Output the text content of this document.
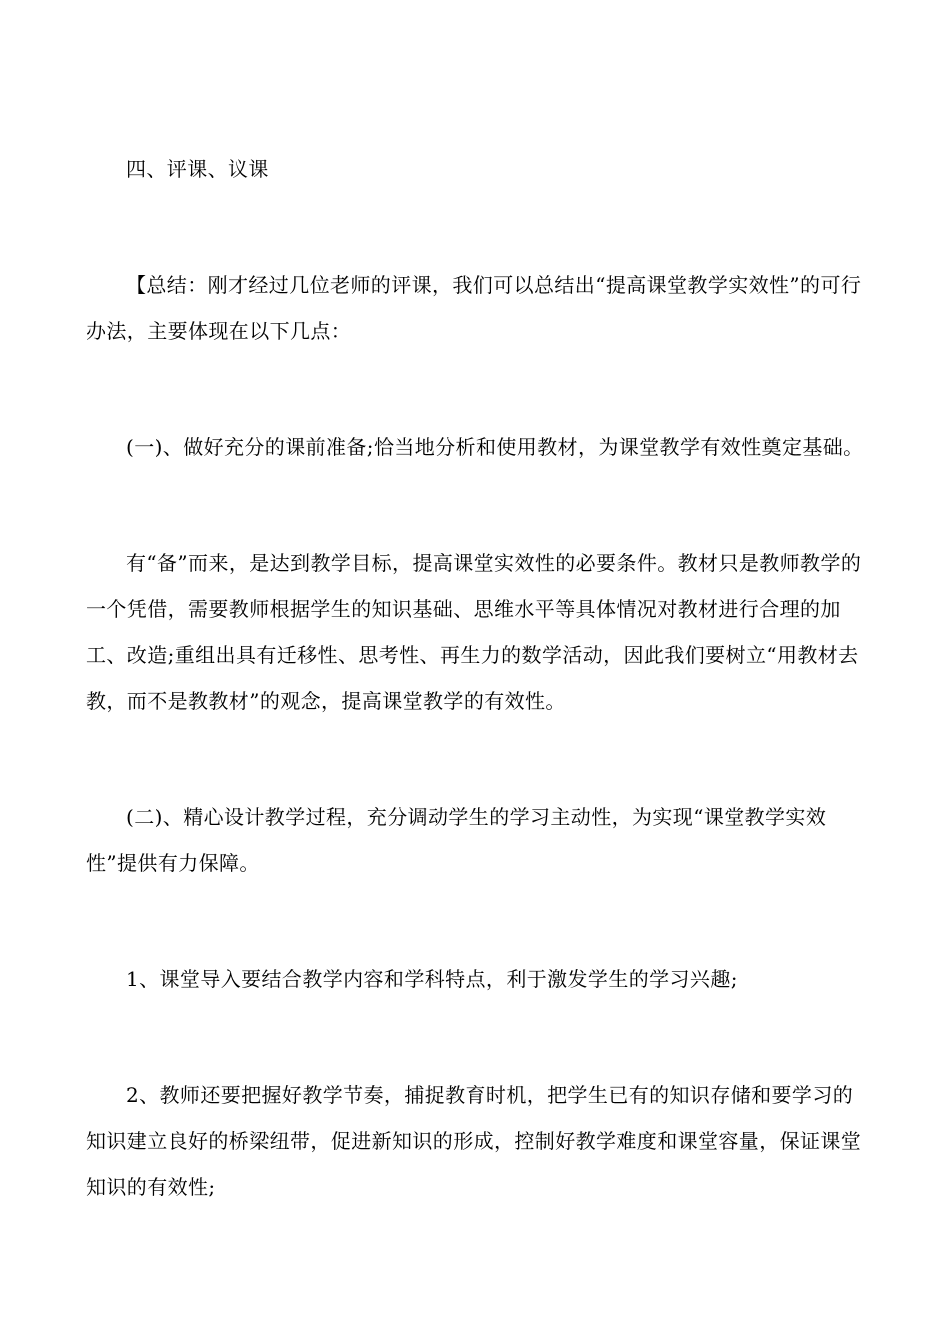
四、评课、议课

【总结：刚才经过几位老师的评课，我们可以总结出“提高课堂教学实效性”的可行办法，主要体现在以下几点：

(一)、做好充分的课前准备;恰当地分析和使用教材，为课堂教学有效性奠定基础。

有“备”而来，是达到教学目标，提高课堂实效性的必要条件。教材只是教师教学的一个凭借，需要教师根据学生的知识基础、思维水平等具体情况对教材进行合理的加工、改造;重组出具有迁移性、思考性、再生力的数学活动，因此我们要树立“用教材去教，而不是教教材”的观念，提高课堂教学的有效性。

(二)、精心设计教学过程，充分调动学生的学习主动性，为实现“课堂教学实效性”提供有力保障。

1、课堂导入要结合教学内容和学科特点，利于激发学生的学习兴趣;

2、教师还要把握好教学节奏，捕捉教育时机，把学生已有的知识存储和要学习的知识建立良好的桥梁纽带，促进新知识的形成，控制好教学难度和课堂容量，保证课堂知识的有效性;
